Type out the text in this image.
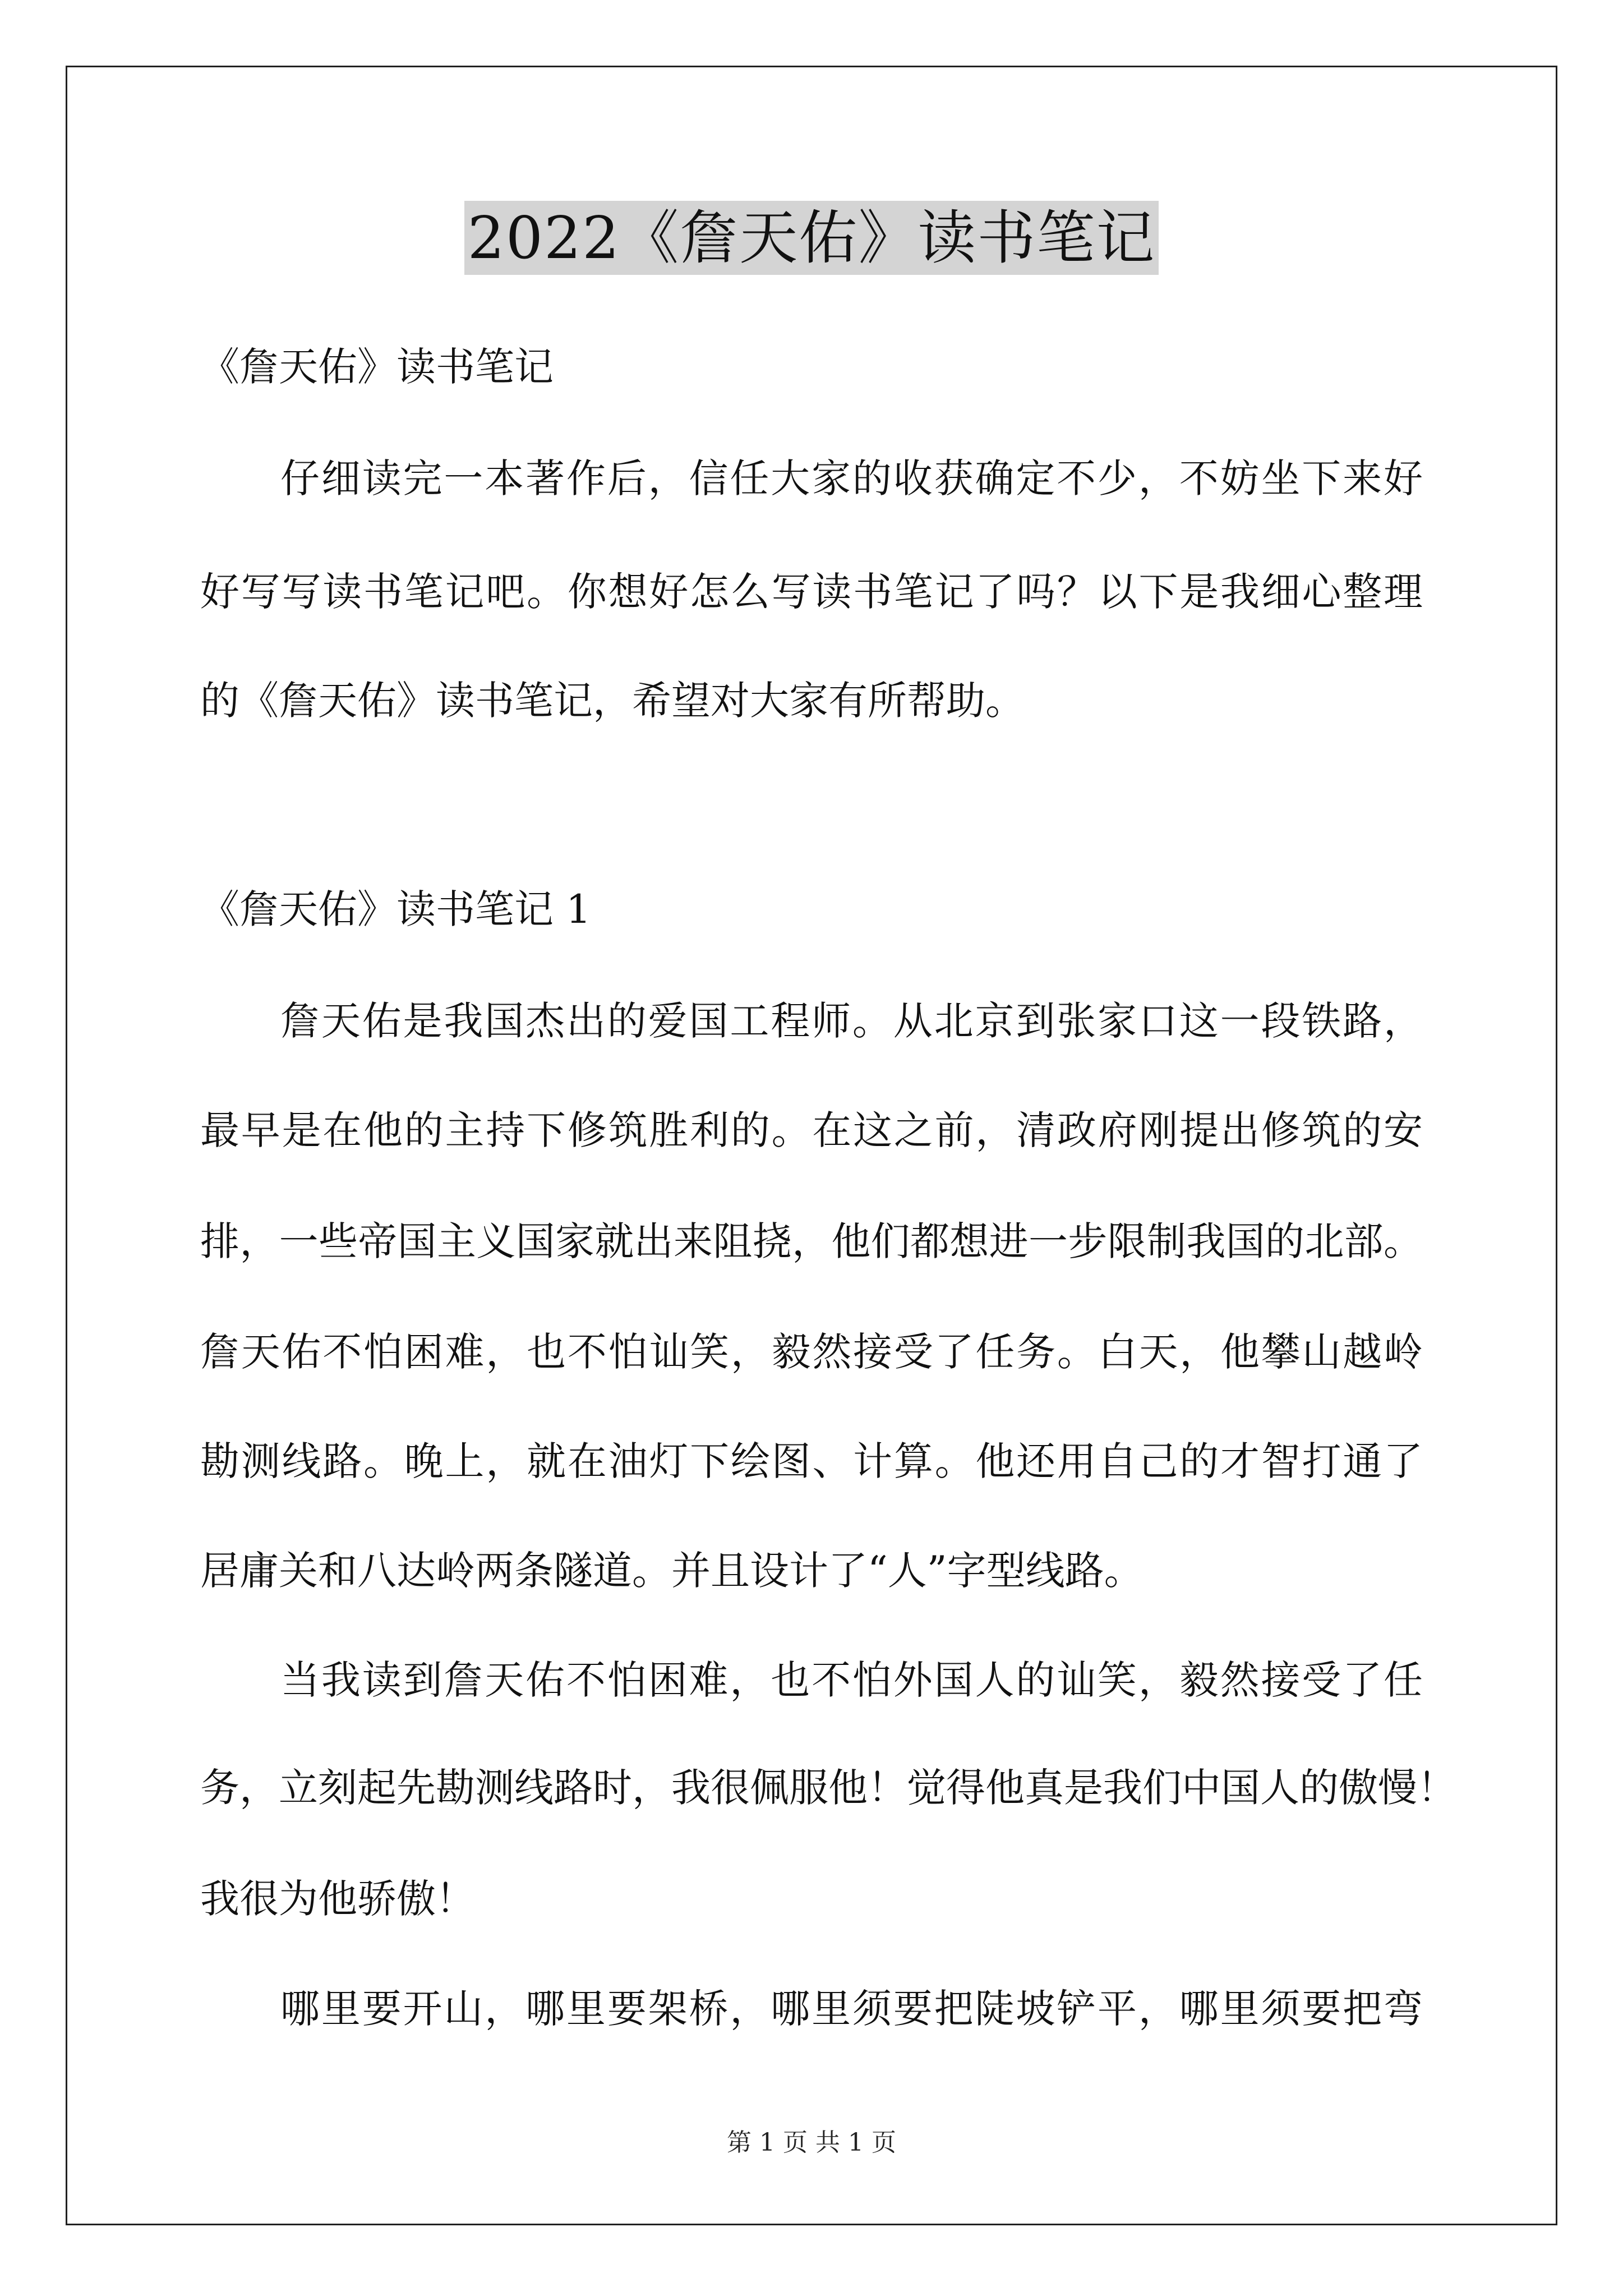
2022《詹天佑》读书笔记
《詹天佑》读书笔记
仔细读完一本著作后，信任大家的收获确定不少，不妨坐下来好
好写写读书笔记吧。你想好怎么写读书笔记了吗？以下是我细心整理
的《詹天佑》读书笔记，希望对大家有所帮助。
《詹天佑》读书笔记 1
詹天佑是我国杰出的爱国工程师。从北京到张家口这一段铁路，
最早是在他的主持下修筑胜利的。在这之前，清政府刚提出修筑的安
排，一些帝国主义国家就出来阻挠，他们都想进一步限制我国的北部。
詹天佑不怕困难，也不怕讪笑，毅然接受了任务。白天，他攀山越岭
勘测线路。晚上，就在油灯下绘图、计算。他还用自己的才智打通了
居庸关和八达岭两条隧道。并且设计了“人”字型线路。
当我读到詹天佑不怕困难，也不怕外国人的讪笑，毅然接受了任
务，立刻起先勘测线路时，我很佩服他！觉得他真是我们中国人的傲慢！
我很为他骄傲！
哪里要开山，哪里要架桥，哪里须要把陡坡铲平，哪里须要把弯
第 1 页 共 1 页
